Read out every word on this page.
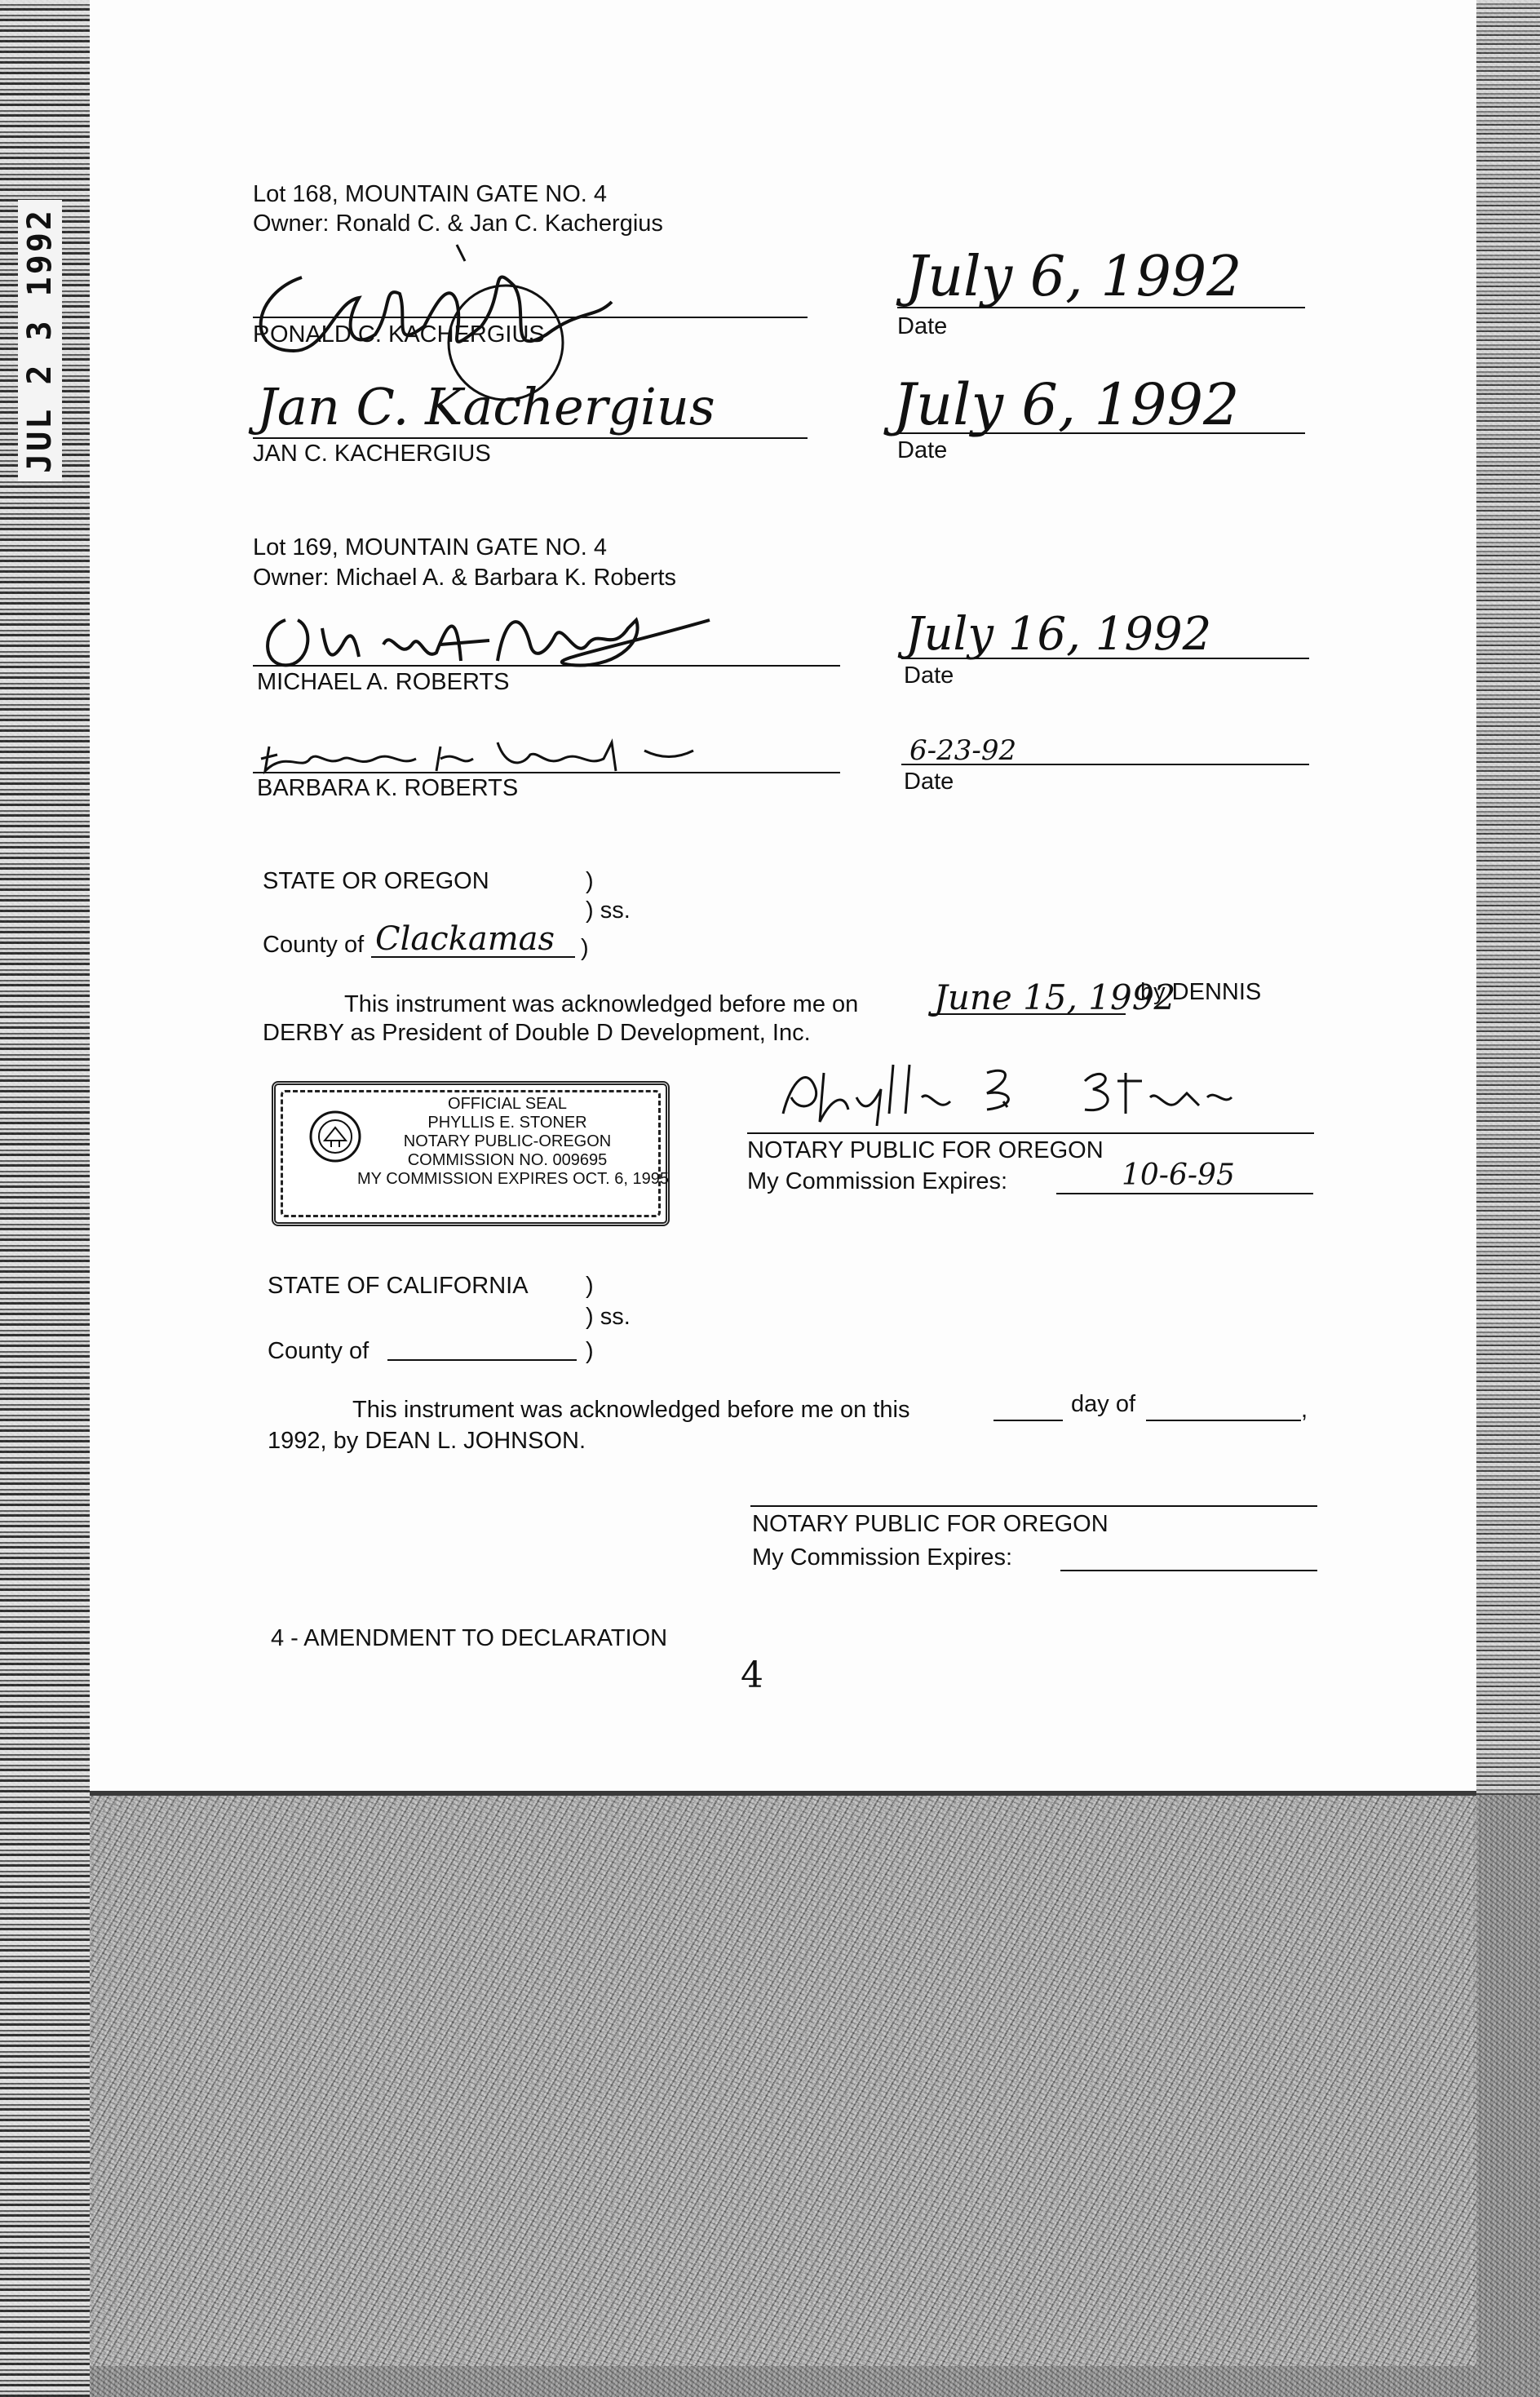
JUL 2 3 1992
Lot 168, MOUNTAIN GATE NO. 4
Owner: Ronald C. & Jan C. Kachergius
RONALD C. KACHERGIUS
July 6, 1992
Date
Jan C. Kachergius
JAN C. KACHERGIUS
July 6, 1992
Date
Lot 169, MOUNTAIN GATE NO. 4
Owner: Michael A. & Barbara K. Roberts
MICHAEL A. ROBERTS
July 16, 1992
Date
BARBARA K. ROBERTS
6-23-92
Date
STATE OR OREGON	)
) ss.
County of Clackamas )
This instrument was acknowledged before me on June 15, 1992
by DENNIS
DERBY as President of Double D Development, Inc.
OFFICIAL SEAL
PHYLLIS E. STONER
NOTARY PUBLIC-OREGON
COMMISSION NO. 009695
MY COMMISSION EXPIRES OCT. 6, 1995
NOTARY PUBLIC FOR OREGON
My Commission Expires:	10-6-95
STATE OF CALIFORNIA )
) ss.
County of	)
This instrument was acknowledged before me on this	day of	,
1992, by DEAN L. JOHNSON.
NOTARY PUBLIC FOR OREGON
My Commission Expires:
4 - AMENDMENT TO DECLARATION
4
